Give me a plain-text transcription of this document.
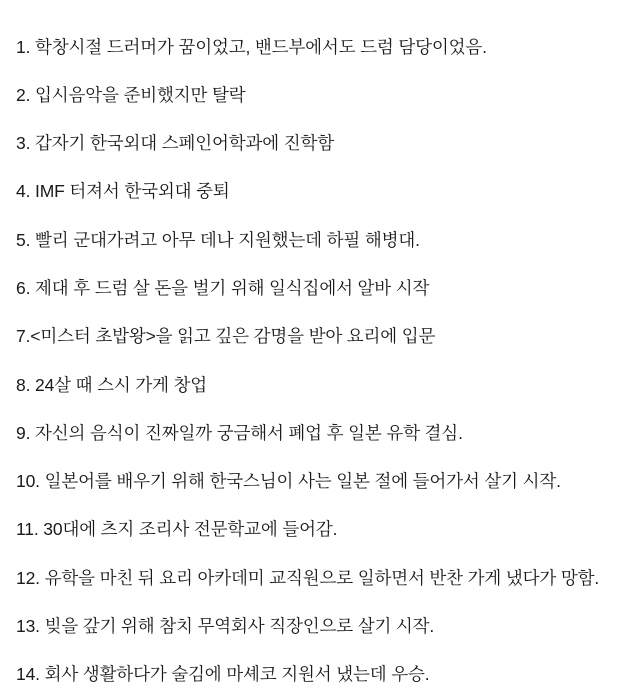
1. 학창시절 드러머가 꿈이었고, 밴드부에서도 드럼 담당이었음.

2. 입시음악을 준비했지만 탈락

3. 갑자기 한국외대 스페인어학과에 진학함

4. IMF 터져서 한국외대 중퇴

5. 빨리 군대가려고 아무 데나 지원했는데 하필 해병대.

6. 제대 후 드럼 살 돈을 벌기 위해 일식집에서 알바 시작

7.<미스터 초밥왕>을 읽고 깊은 감명을 받아 요리에 입문

8. 24살 때 스시 가게 창업

9. 자신의 음식이 진짜일까 궁금해서 폐업 후 일본 유학 결심.

10. 일본어를 배우기 위해 한국스님이 사는 일본 절에 들어가서 살기 시작.

11. 30대에 츠지 조리사 전문학교에 들어감.

12. 유학을 마친 뒤 요리 아카데미 교직원으로 일하면서 반찬 가게 냈다가 망함.

13. 빚을 갚기 위해 참치 무역회사 직장인으로 살기 시작.

14. 회사 생활하다가 술김에 마셰코 지원서 냈는데 우승.
